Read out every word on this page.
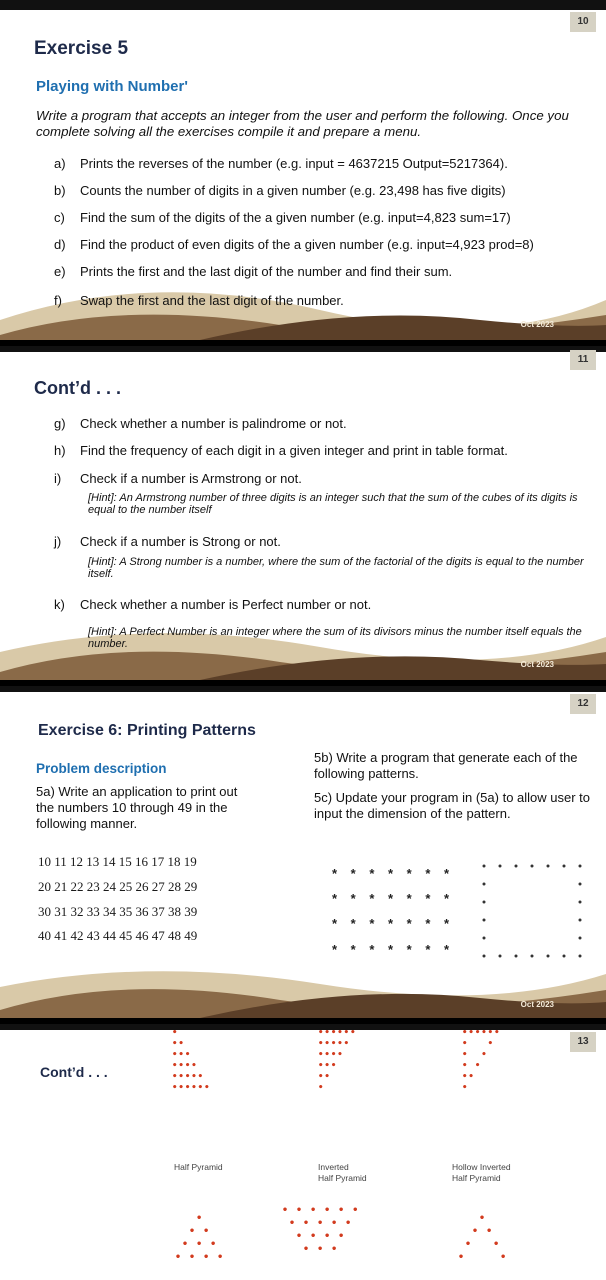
10
Exercise 5
Playing with Number'
Write a program that accepts an integer from the user and perform the following. Once you complete solving all the exercises compile it and prepare a menu.
a) Prints the reverses of the number (e.g. input = 4637215 Output=5217364).
b) Counts the number of digits in a given number (e.g. 23,498 has five digits)
c) Find the sum of the digits of the a given number (e.g. input=4,823 sum=17)
d) Find the product of even digits of the a given number (e.g. input=4,923 prod=8)
e) Prints the first and the last digit of the number and find their sum.
f) Swap the first and the last digit of the number.
Oct 2023
11
Cont’d . . .
g) Check whether a number is palindrome or not.
h) Find the frequency of each digit in a given integer and print in table format.
i) Check if a number is Armstrong or not.
[Hint]: An Armstrong number of three digits is an integer such that the sum of the cubes of its digits is equal to the number itself
j) Check if a number is Strong or not.
[Hint]: A Strong number is a number, where the sum of the factorial of the digits is equal to the number itself.
k) Check whether a number is Perfect number or not.
[Hint]: A Perfect Number is an integer where the sum of its divisors minus the number itself equals the number.
Oct 2023
12
Exercise 6: Printing Patterns
Problem description
5a) Write an application to print out the numbers 10 through 49 in the following manner.
5b) Write a program that generate each of the following patterns.
5c) Update your program in (5a) to allow user to input the dimension of the pattern.
10 11 12 13 14 15 16 17 18 19
20 21 22 23 24 25 26 27 28 29
30 31 32 33 34 35 36 37 38 39
40 41 42 43 44 45 46 47 48 49
* * * * * * *
* * * * * * *
* * * * * * *
* * * * * * *
Oct 2023
13
Cont’d . . .
•
••
•••
••••
•••••
••••••
Half Pyramid
••••••
•••••
••••
•••
••
•
Inverted
Half Pyramid
••••••
•   •
•  •
• •
••
•
Hollow Inverted
Half Pyramid
•
• •
• • •
• • • •
• • • • • •
• • • • •
• • • •
• • •
•
• •
•   •
•     •
